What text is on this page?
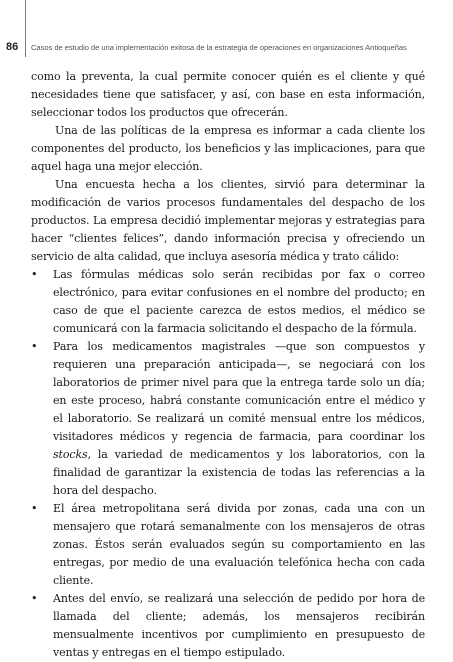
86 Casos de estudio de una implementación exitosa de la estrategia de operaciones en organizaciones Antioqueñas

como la preventa, la cual permite conocer quién es el cliente y qué necesidades tiene que satisfacer, y así, con base en esta información, seleccionar todos los productos que ofrecerán.

Una de las políticas de la empresa es informar a cada cliente los componentes del producto, los beneficios y las implicaciones, para que aquel haga una mejor elección.

Una encuesta hecha a los clientes, sirvió para determinar la modificación de varios procesos fundamentales del despacho de los productos. La empresa decidió implementar mejoras y estrategias para hacer “clientes felices”, dando información precisa y ofreciendo un servicio de alta calidad, que incluya asesoría médica y trato cálido:

• Las fórmulas médicas solo serán recibidas por fax o correo electrónico, para evitar confusiones en el nombre del producto; en caso de que el paciente carezca de estos medios, el médico se comunicará con la farmacia solicitando el despacho de la fórmula.
• Para los medicamentos magistrales —que son compuestos y requieren una preparación anticipada—, se negociará con los laboratorios de primer nivel para que la entrega tarde solo un día; en este proceso, habrá constante comunicación entre el médico y el laboratorio. Se realizará un comité mensual entre los médicos, visitadores médicos y regencia de farmacia, para coordinar los stocks, la variedad de medicamentos y los laboratorios, con la finalidad de garantizar la existencia de todas las referencias a la hora del despacho.
• El área metropolitana será divida por zonas, cada una con un mensajero que rotará semanalmente con los mensajeros de otras zonas. Éstos serán evaluados según su comportamiento en las entregas, por medio de una evaluación telefónica hecha con cada cliente.
• Antes del envío, se realizará una selección de pedido por hora de llamada del cliente; además, los mensajeros recibirán mensualmente incentivos por cumplimiento en presupuesto de ventas y entregas en el tiempo estipulado.
